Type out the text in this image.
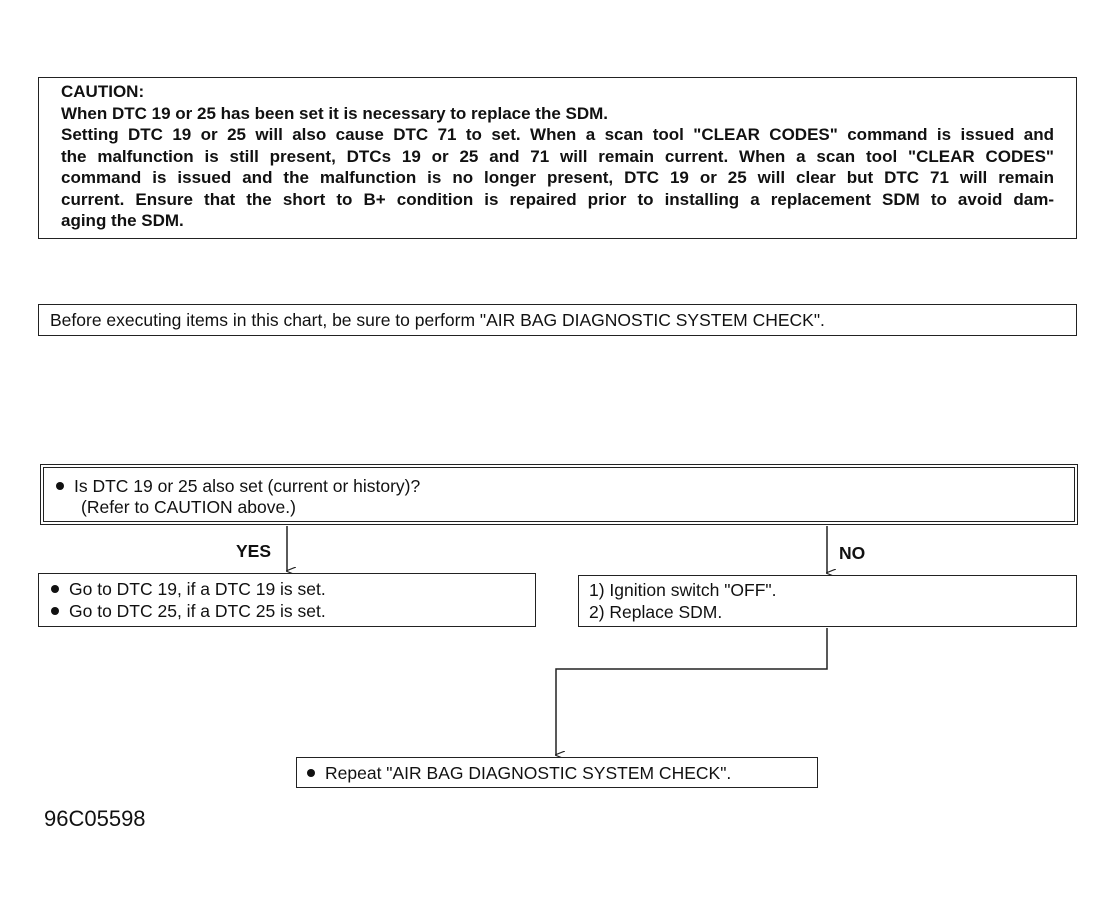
CAUTION:
When DTC 19 or 25 has been set it is necessary to replace the SDM.
Setting DTC 19 or 25 will also cause DTC 71 to set. When a scan tool "CLEAR CODES" command is issued and
the malfunction is still present, DTCs 19 or 25 and 71 will remain current. When a scan tool "CLEAR CODES"
command is issued and the malfunction is no longer present, DTC 19 or 25 will clear but DTC 71 will remain
current. Ensure that the short to B+ condition is repaired prior to installing a replacement SDM to avoid dam-
aging the SDM.
Before executing items in this chart, be sure to perform "AIR BAG DIAGNOSTIC SYSTEM CHECK".
Is DTC 19 or 25 also set (current or history)?
(Refer to CAUTION above.)
YES	NO
Go to DTC 19, if a DTC 19 is set.
Go to DTC 25, if a DTC 25 is set.
1) Ignition switch "OFF".
2) Replace SDM.
Repeat "AIR BAG DIAGNOSTIC SYSTEM CHECK".
96C05598
